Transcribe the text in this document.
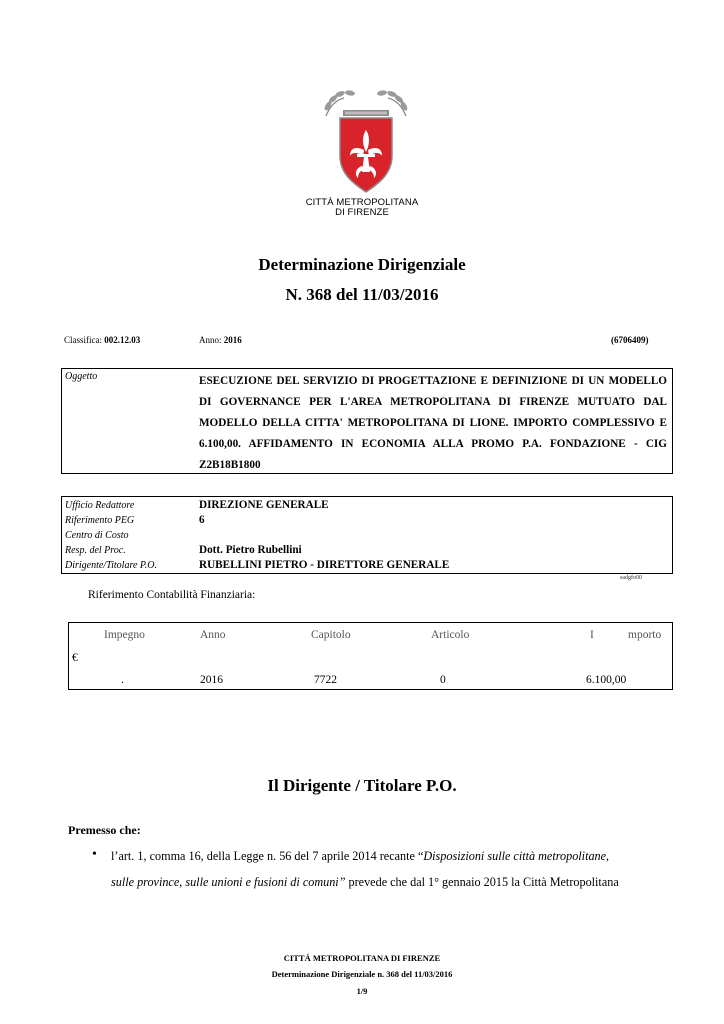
CITTÀ METROPOLITANA
DI FIRENZE
Determinazione Dirigenziale
N. 368 del 11/03/2016
Classifica: 002.12.03	Anno: 2016	(6706409)
Oggetto	ESECUZIONE DEL SERVIZIO DI PROGETTAZIONE E DEFINIZIONE DI UN MODELLO DI GOVERNANCE PER L'AREA METROPOLITANA DI FIRENZE MUTUATO DAL MODELLO DELLA CITTA' METROPOLITANA DI LIONE. IMPORTO COMPLESSIVO E 6.100,00. AFFIDAMENTO IN ECONOMIA ALLA PROMO P.A. FONDAZIONE - CIG Z2B18B1800
Ufficio Redattore	DIREZIONE GENERALE
Riferimento PEG	6
Centro di Costo
Resp. del Proc.	Dott. Pietro Rubellini
Dirigente/Titolare P.O.	RUBELLINI PIETRO - DIRETTORE GENERALE
sadgfo00
Riferimento Contabilità Finanziaria:
Impegno	Anno	Capitolo	Articolo	I	mporto
€
.	2016	7722	0	6.100,00
Il Dirigente / Titolare P.O.
Premesso che:
• l’art. 1, comma 16, della Legge n. 56 del 7 aprile 2014 recante “Disposizioni sulle città metropolitane,
sulle province, sulle unioni e fusioni di comuni” prevede che dal 1° gennaio 2015 la Città Metropolitana
CITTÁ METROPOLITANA DI FIRENZE
Determinazione Dirigenziale n. 368 del 11/03/2016
1/9
